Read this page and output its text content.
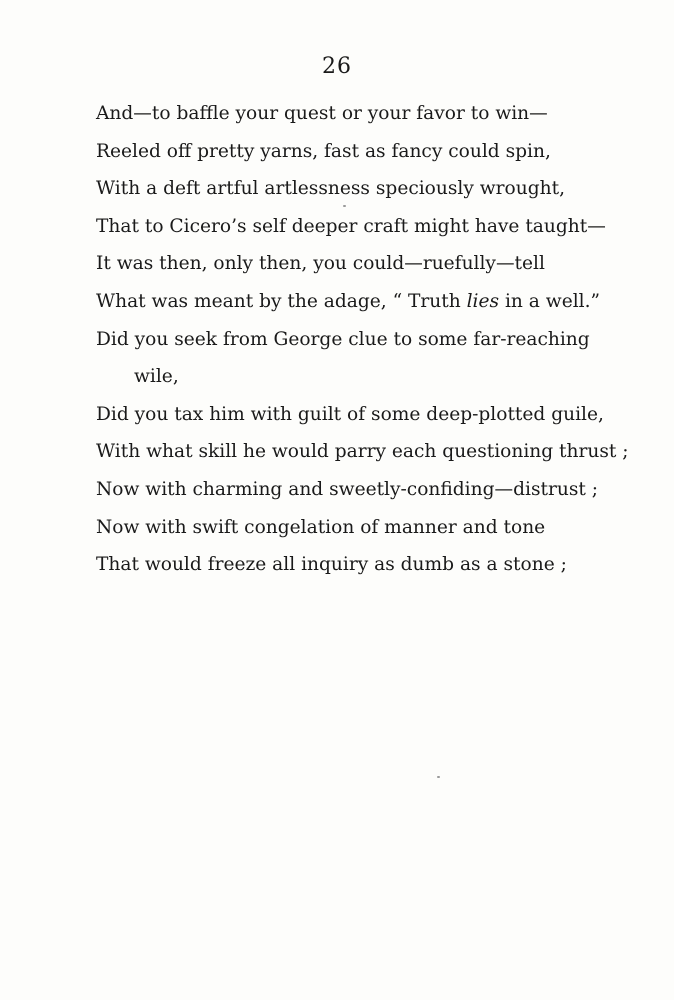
26
And—to baffle your quest or your favor to win—
Reeled off pretty yarns, fast as fancy could spin,
With a deft artful artlessness speciously wrought,
That to Cicero’s self deeper craft might have taught—
It was then, only then, you could—ruefully—tell
What was meant by the adage, “ Truth lies in a well.”
Did you seek from George clue to some far-reaching
wile,
Did you tax him with guilt of some deep-plotted guile,
With what skill he would parry each questioning thrust ;
Now with charming and sweetly-confiding—distrust ;
Now with swift congelation of manner and tone
That would freeze all inquiry as dumb as a stone ;
